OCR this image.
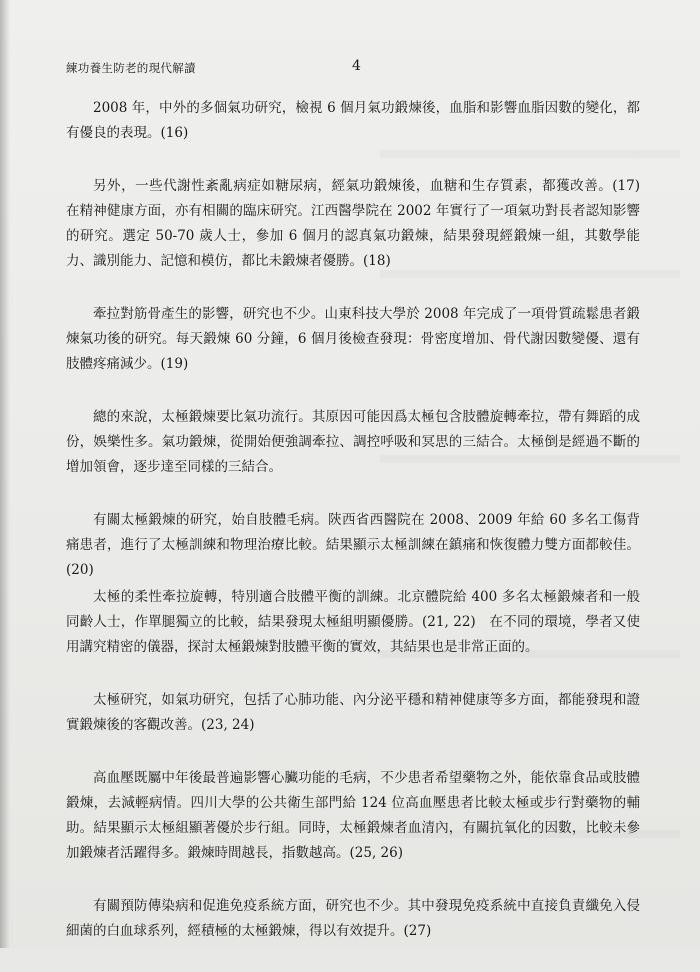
練功養生防老的現代解讀	4

2008 年，中外的多個氣功研究，檢視 6 個月氣功鍛煉後，血脂和影響血脂因數的變化，都有優良的表現。(16)

另外，一些代謝性紊亂病症如糖尿病，經氣功鍛煉後，血糖和生存質素，都獲改善。(17)　在精神健康方面，亦有相關的臨床研究。江西醫學院在 2002 年實行了一項氣功對長者認知影響的研究。選定 50-70 歲人士，參加 6 個月的認真氣功鍛煉，結果發現經鍛煉一組，其數學能力、識別能力、記憶和模仿，都比未鍛煉者優勝。(18)

牽拉對筋骨產生的影響，研究也不少。山東科技大學於 2008 年完成了一項骨質疏鬆患者鍛煉氣功後的研究。每天鍛煉 60 分鐘，6 個月後檢查發現：骨密度增加、骨代謝因數變優、還有肢體疼痛減少。(19)

總的來說，太極鍛煉要比氣功流行。其原因可能因爲太極包含肢體旋轉牽拉，帶有舞蹈的成份，娛樂性多。氣功鍛煉，從開始便強調牽拉、調控呼吸和冥思的三結合。太極倒是經過不斷的增加領會，逐步達至同樣的三結合。

有關太極鍛煉的研究，始自肢體毛病。陝西省西醫院在 2008、2009 年給 60 多名工傷背痛患者，進行了太極訓練和物理治療比較。結果顯示太極訓練在鎮痛和恢復體力雙方面都較佳。(20)

太極的柔性牽拉旋轉，特別適合肢體平衡的訓練。北京體院給 400 多名太極鍛煉者和一般同齡人士，作單腿獨立的比較，結果發現太極組明顯優勝。(21, 22)　在不同的環境，學者又使用講究精密的儀器，探討太極鍛煉對肢體平衡的實效，其結果也是非常正面的。

太極研究，如氣功研究，包括了心肺功能、內分泌平穩和精神健康等多方面，都能發現和證實鍛煉後的客觀改善。(23, 24)

高血壓既屬中年後最普遍影響心臟功能的毛病，不少患者希望藥物之外，能依靠食品或肢體鍛煉，去減輕病情。四川大學的公共衛生部門給 124 位高血壓患者比較太極或步行對藥物的輔助。結果顯示太極組顯著優於步行組。同時，太極鍛煉者血清內，有關抗氧化的因數，比較未參加鍛煉者活躍得多。鍛煉時間越長，指數越高。(25, 26)

有關預防傳染病和促進免疫系統方面，研究也不少。其中發現免疫系統中直接負責纖免入侵細菌的白血球系列，經積極的太極鍛煉，得以有效提升。(27)
